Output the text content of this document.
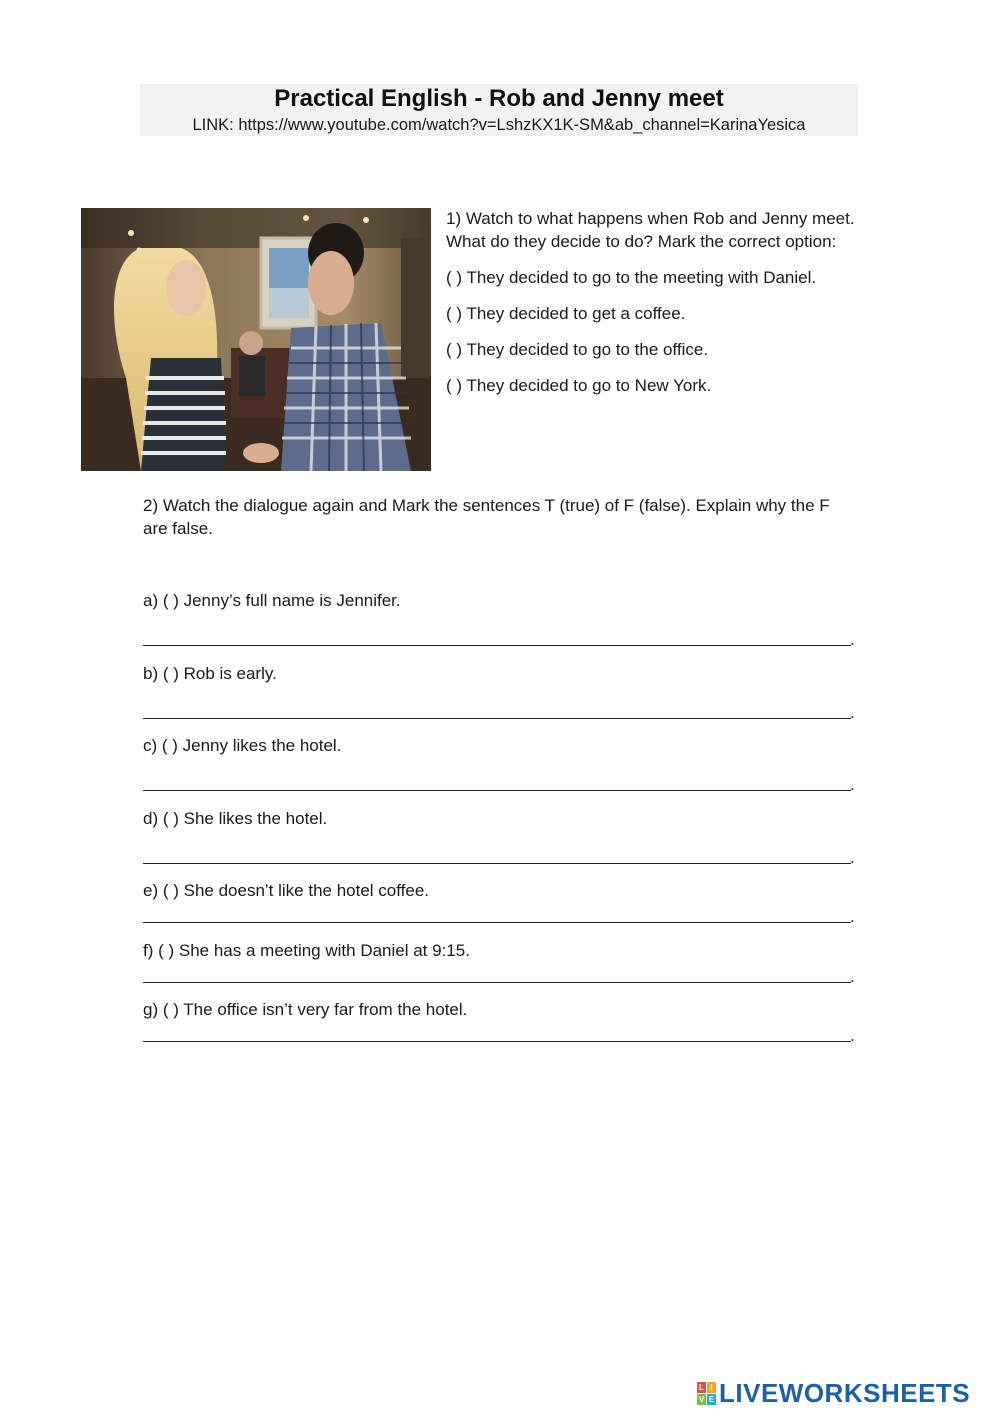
Practical English - Rob and Jenny meet
LINK: https://www.youtube.com/watch?v=LshzKX1K-SM&ab_channel=KarinaYesica

1) Watch to what happens when Rob and Jenny meet. What do they decide to do? Mark the correct option:

( ) They decided to go to the meeting with Daniel.

( ) They decided to get a coffee.

( ) They decided to go to the office.

( ) They decided to go to New York.

2) Watch the dialogue again and Mark the sentences T (true) of F (false). Explain why the F are false.
a) ( ) Jenny’s full name is Jennifer.
.
b) ( ) Rob is early.
.
c) ( ) Jenny likes the hotel.
.
d) ( ) She likes the hotel.
.
e) ( ) She doesn’t like the hotel coffee.
.
f) ( ) She has a meeting with Daniel at 9:15.
.
g) ( ) The office isn’t very far from the hotel.
.
L I
V E LIVEWORKSHEETS
